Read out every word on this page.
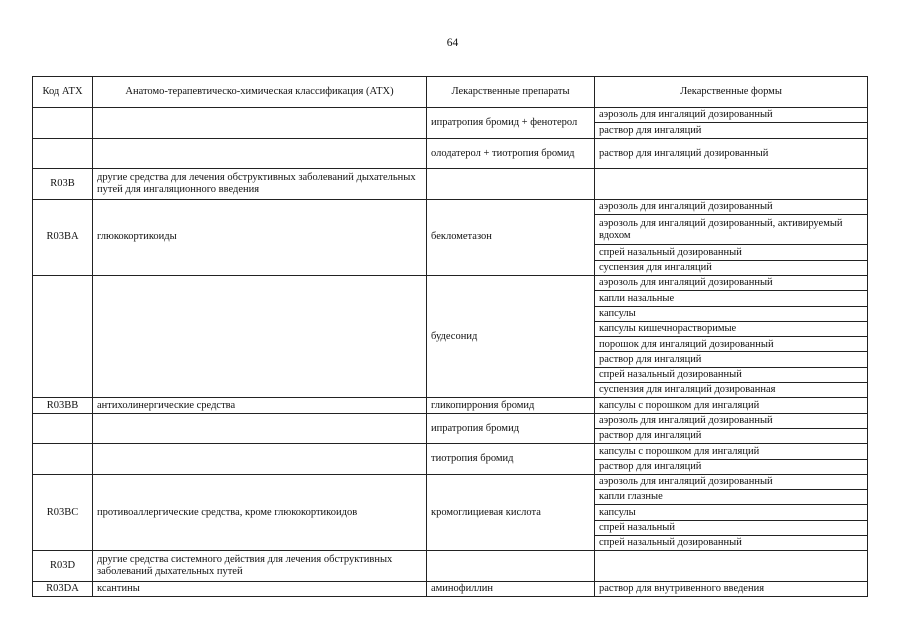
64
Код АТХ	Анатомо-терапевтическо-химическая классификация (АТХ)	Лекарственные препараты	Лекарственные формы
		ипратропия бромид + фенотерол	аэрозоль для ингаляций дозированный
			раствор для ингаляций
		олодатерол + тиотропия бромид	раствор для ингаляций дозированный
R03B	другие средства для лечения обструктивных заболеваний дыхательных путей для ингаляционного введения		
R03BA	глюкокортикоиды	беклометазон	аэрозоль для ингаляций дозированный
			аэрозоль для ингаляций дозированный, активируемый вдохом
			спрей назальный дозированный
			суспензия для ингаляций
		будесонид	аэрозоль для ингаляций дозированный
			капли назальные
			капсулы
			капсулы кишечнорастворимые
			порошок для ингаляций дозированный
			раствор для ингаляций
			спрей назальный дозированный
			суспензия для ингаляций дозированная
R03BB	антихолинергические средства	гликопиррония бромид	капсулы с порошком для ингаляций
		ипратропия бромид	аэрозоль для ингаляций дозированный
			раствор для ингаляций
		тиотропия бромид	капсулы с порошком для ингаляций
			раствор для ингаляций
R03BC	противоаллергические средства, кроме глюкокортикоидов	кромоглициевая кислота	аэрозоль для ингаляций дозированный
			капли глазные
			капсулы
			спрей назальный
			спрей назальный дозированный
R03D	другие средства системного действия для лечения обструктивных заболеваний дыхательных путей		
R03DA	ксантины	аминофиллин	раствор для внутривенного введения
